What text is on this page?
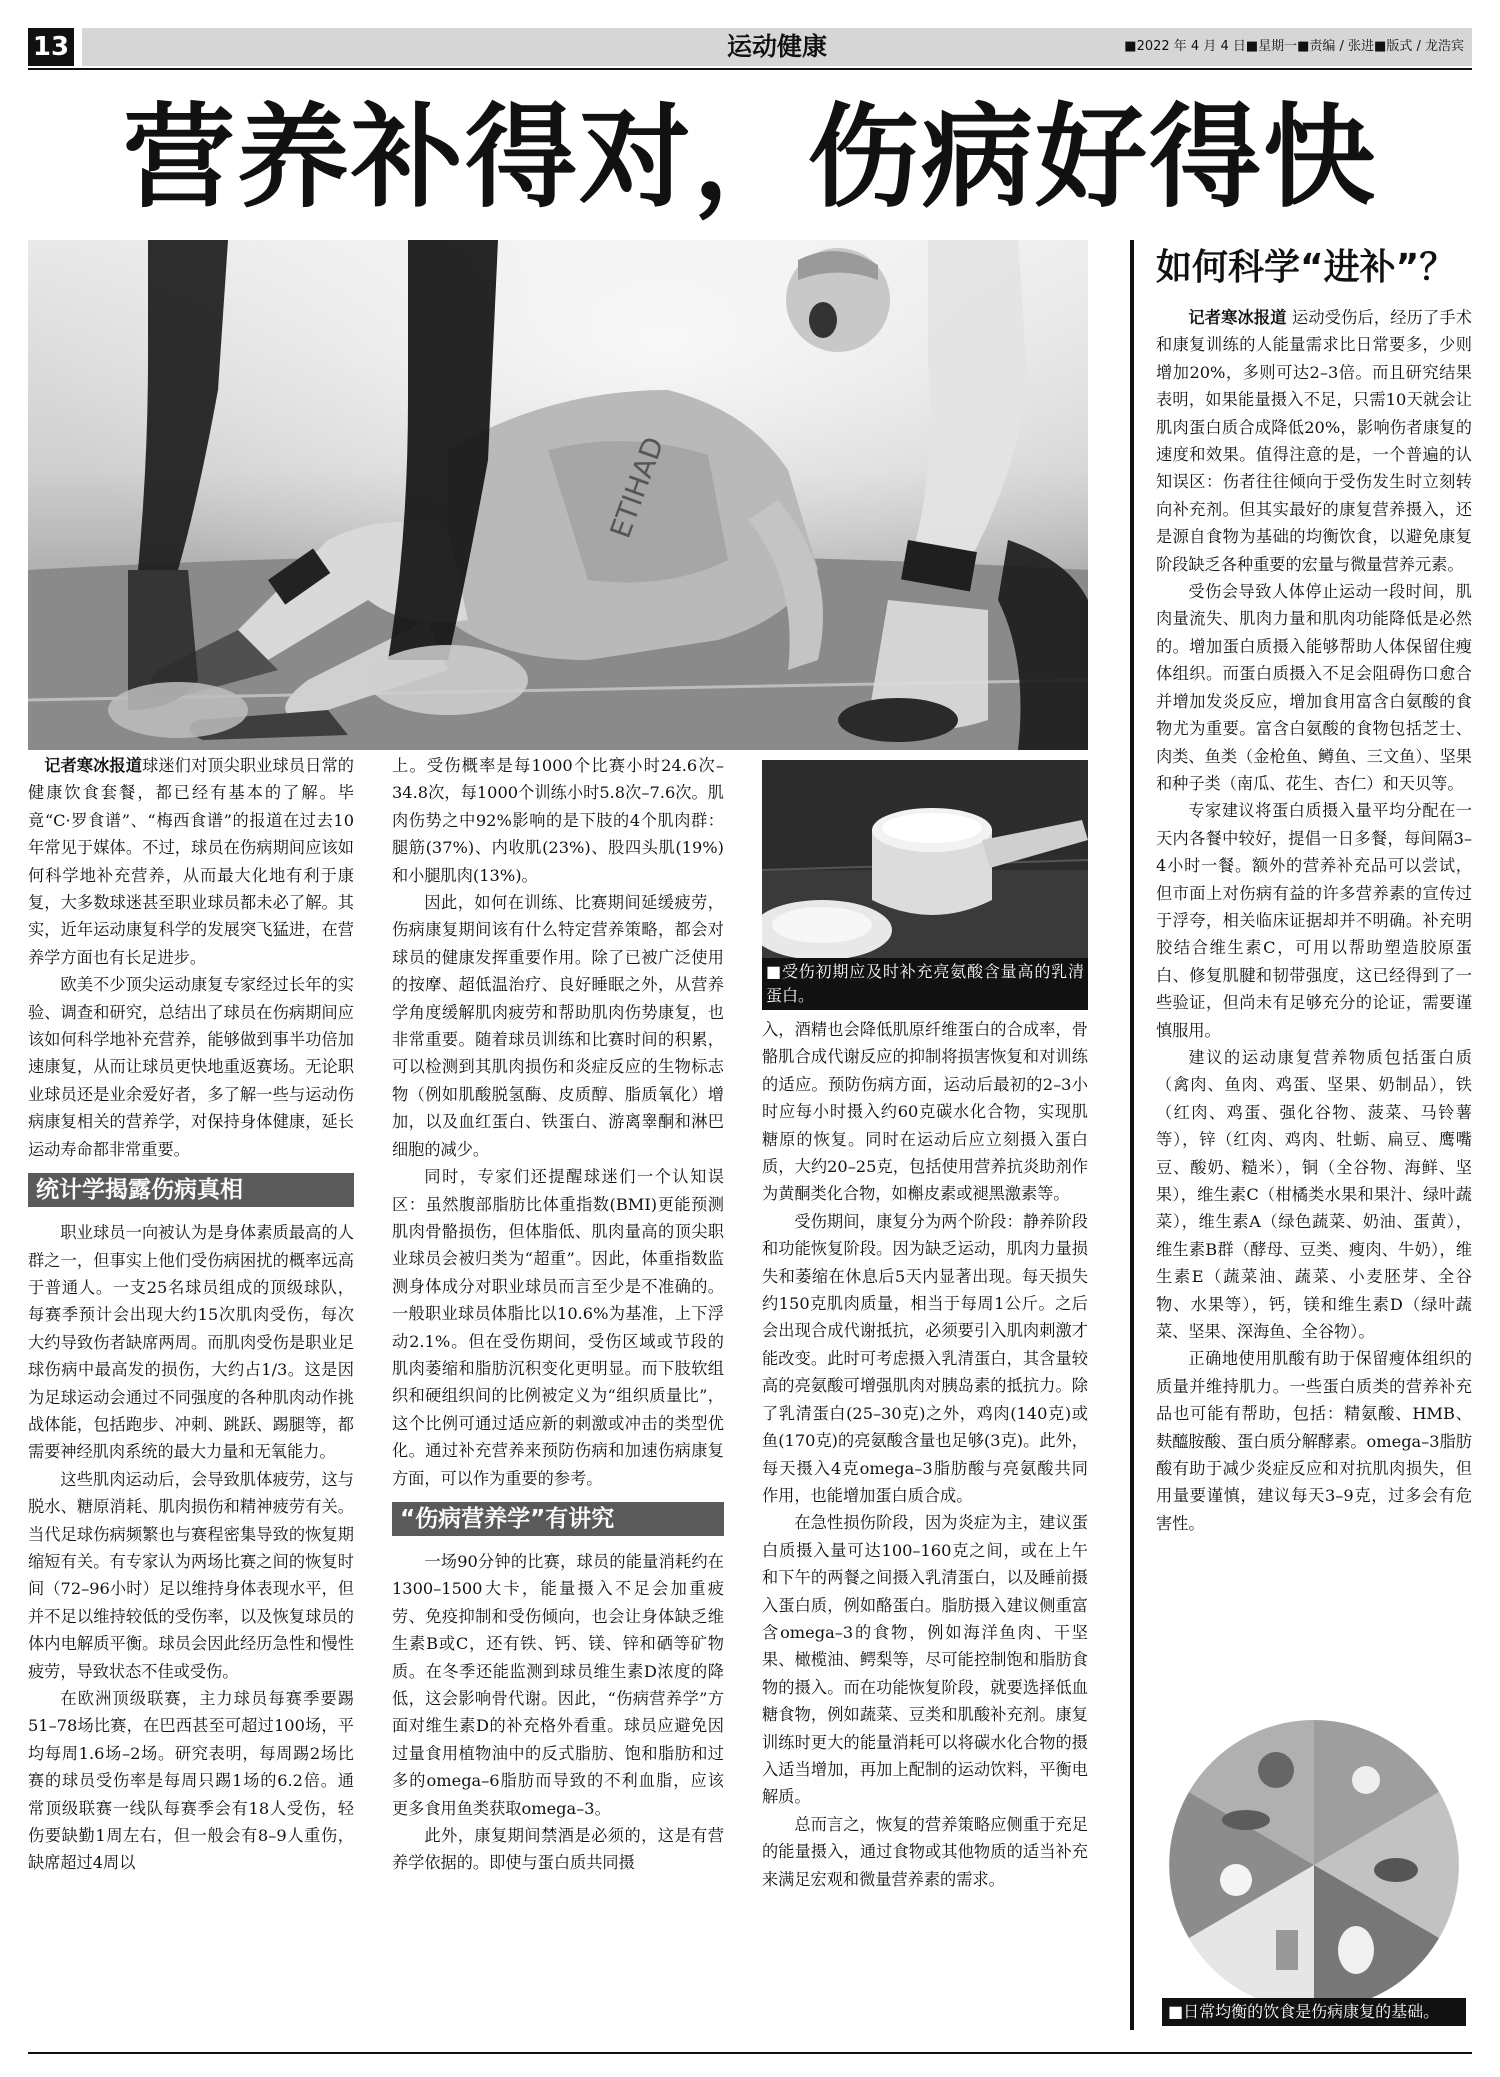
13	运动健康	■2022 年 4 月 4 日■星期一■责编 / 张进■版式 / 龙浩宾
营养补得对，伤病好得快
ETIHAD

记者寒冰报道球迷们对顶尖职业球员日常的健康饮食套餐，都已经有基本的了解。毕竟“C·罗食谱”、“梅西食谱”的报道在过去10年常见于媒体。不过，球员在伤病期间应该如何科学地补充营养，从而最大化地有利于康复，大多数球迷甚至职业球员都未必了解。其实，近年运动康复科学的发展突飞猛进，在营养学方面也有长足进步。

欧美不少顶尖运动康复专家经过长年的实验、调查和研究，总结出了球员在伤病期间应该如何科学地补充营养，能够做到事半功倍加速康复，从而让球员更快地重返赛场。无论职业球员还是业余爱好者，多了解一些与运动伤病康复相关的营养学，对保持身体健康，延长运动寿命都非常重要。

统计学揭露伤病真相

职业球员一向被认为是身体素质最高的人群之一，但事实上他们受伤病困扰的概率远高于普通人。一支25名球员组成的顶级球队，每赛季预计会出现大约15次肌肉受伤，每次大约导致伤者缺席两周。而肌肉受伤是职业足球伤病中最高发的损伤，大约占1/3。这是因为足球运动会通过不同强度的各种肌肉动作挑战体能，包括跑步、冲刺、跳跃、踢腿等，都需要神经肌肉系统的最大力量和无氧能力。

这些肌肉运动后，会导致肌体疲劳，这与脱水、糖原消耗、肌肉损伤和精神疲劳有关。当代足球伤病频繁也与赛程密集导致的恢复期缩短有关。有专家认为两场比赛之间的恢复时间（72–96小时）足以维持身体表现水平，但并不足以维持较低的受伤率，以及恢复球员的体内电解质平衡。球员会因此经历急性和慢性疲劳，导致状态不佳或受伤。

在欧洲顶级联赛，主力球员每赛季要踢51–78场比赛，在巴西甚至可超过100场，平均每周1.6场–2场。研究表明，每周踢2场比赛的球员受伤率是每周只踢1场的6.2倍。通常顶级联赛一线队每赛季会有18人受伤，轻伤要缺勤1周左右，但一般会有8–9人重伤，缺席超过4周以

上。受伤概率是每1000个比赛小时24.6次–34.8次，每1000个训练小时5.8次–7.6次。肌肉伤势之中92%影响的是下肢的4个肌肉群：腿筋(37%)、内收肌(23%)、股四头肌(19%)和小腿肌肉(13%)。

因此，如何在训练、比赛期间延缓疲劳，伤病康复期间该有什么特定营养策略，都会对球员的健康发挥重要作用。除了已被广泛使用的按摩、超低温治疗、良好睡眠之外，从营养学角度缓解肌肉疲劳和帮助肌肉伤势康复，也非常重要。随着球员训练和比赛时间的积累，可以检测到其肌肉损伤和炎症反应的生物标志物（例如肌酸脱氢酶、皮质醇、脂质氧化）增加，以及血红蛋白、铁蛋白、游离睾酮和淋巴细胞的减少。

同时，专家们还提醒球迷们一个认知误区：虽然腹部脂肪比体重指数(BMI)更能预测肌肉骨骼损伤，但体脂低、肌肉量高的顶尖职业球员会被归类为“超重”。因此，体重指数监测身体成分对职业球员而言至少是不准确的。一般职业球员体脂比以10.6%为基准，上下浮动2.1%。但在受伤期间，受伤区域或节段的肌肉萎缩和脂肪沉积变化更明显。而下肢软组织和硬组织间的比例被定义为“组织质量比”，这个比例可通过适应新的刺激或冲击的类型优化。通过补充营养来预防伤病和加速伤病康复方面，可以作为重要的参考。

“伤病营养学”有讲究

一场90分钟的比赛，球员的能量消耗约在1300–1500大卡，能量摄入不足会加重疲劳、免疫抑制和受伤倾向，也会让身体缺乏维生素B或C，还有铁、钙、镁、锌和硒等矿物质。在冬季还能监测到球员维生素D浓度的降低，这会影响骨代谢。因此，“伤病营养学”方面对维生素D的补充格外看重。球员应避免因过量食用植物油中的反式脂肪、饱和脂肪和过多的omega–6脂肪而导致的不利血脂，应该更多食用鱼类获取omega–3。

此外，康复期间禁酒是必须的，这是有营养学依据的。即使与蛋白质共同摄

■受伤初期应及时补充亮氨酸含量高的乳清蛋白。

入，酒精也会降低肌原纤维蛋白的合成率，骨骼肌合成代谢反应的抑制将损害恢复和对训练的适应。预防伤病方面，运动后最初的2–3小时应每小时摄入约60克碳水化合物，实现肌糖原的恢复。同时在运动后应立刻摄入蛋白质，大约20–25克，包括使用营养抗炎助剂作为黄酮类化合物，如槲皮素或褪黑激素等。

受伤期间，康复分为两个阶段：静养阶段和功能恢复阶段。因为缺乏运动，肌肉力量损失和萎缩在休息后5天内显著出现。每天损失约150克肌肉质量，相当于每周1公斤。之后会出现合成代谢抵抗，必须要引入肌肉刺激才能改变。此时可考虑摄入乳清蛋白，其含量较高的亮氨酸可增强肌肉对胰岛素的抵抗力。除了乳清蛋白(25–30克)之外，鸡肉(140克)或鱼(170克)的亮氨酸含量也足够(3克)。此外，每天摄入4克omega–3脂肪酸与亮氨酸共同作用，也能增加蛋白质合成。

在急性损伤阶段，因为炎症为主，建议蛋白质摄入量可达100–160克之间，或在上午和下午的两餐之间摄入乳清蛋白，以及睡前摄入蛋白质，例如酪蛋白。脂肪摄入建议侧重富含omega–3的食物，例如海洋鱼肉、干坚果、橄榄油、鳄梨等，尽可能控制饱和脂肪食物的摄入。而在功能恢复阶段，就要选择低血糖食物，例如蔬菜、豆类和肌酸补充剂。康复训练时更大的能量消耗可以将碳水化合物的摄入适当增加，再加上配制的运动饮料，平衡电解质。

总而言之，恢复的营养策略应侧重于充足的能量摄入，通过食物或其他物质的适当补充来满足宏观和微量营养素的需求。

如何科学“进补”？

记者寒冰报道 运动受伤后，经历了手术和康复训练的人能量需求比日常要多，少则增加20%，多则可达2–3倍。而且研究结果表明，如果能量摄入不足，只需10天就会让肌肉蛋白质合成降低20%，影响伤者康复的速度和效果。值得注意的是，一个普遍的认知误区：伤者往往倾向于受伤发生时立刻转向补充剂。但其实最好的康复营养摄入，还是源自食物为基础的均衡饮食，以避免康复阶段缺乏各种重要的宏量与微量营养元素。

受伤会导致人体停止运动一段时间，肌肉量流失、肌肉力量和肌肉功能降低是必然的。增加蛋白质摄入能够帮助人体保留住瘦体组织。而蛋白质摄入不足会阻碍伤口愈合并增加发炎反应，增加食用富含白氨酸的食物尤为重要。富含白氨酸的食物包括芝士、肉类、鱼类（金枪鱼、鳟鱼、三文鱼）、坚果和种子类（南瓜、花生、杏仁）和天贝等。

专家建议将蛋白质摄入量平均分配在一天内各餐中较好，提倡一日多餐，每间隔3–4小时一餐。额外的营养补充品可以尝试，但市面上对伤病有益的许多营养素的宣传过于浮夸，相关临床证据却并不明确。补充明胶结合维生素C，可用以帮助塑造胶原蛋白、修复肌腱和韧带强度，这已经得到了一些验证，但尚未有足够充分的论证，需要谨慎服用。

建议的运动康复营养物质包括蛋白质（禽肉、鱼肉、鸡蛋、坚果、奶制品），铁（红肉、鸡蛋、强化谷物、菠菜、马铃薯等），锌（红肉、鸡肉、牡蛎、扁豆、鹰嘴豆、酸奶、糙米），铜（全谷物、海鲜、坚果），维生素C（柑橘类水果和果汁、绿叶蔬菜），维生素A（绿色蔬菜、奶油、蛋黄），维生素B群（酵母、豆类、瘦肉、牛奶），维生素E（蔬菜油、蔬菜、小麦胚芽、全谷物、水果等），钙，镁和维生素D（绿叶蔬菜、坚果、深海鱼、全谷物）。

正确地使用肌酸有助于保留瘦体组织的质量并维持肌力。一些蛋白质类的营养补充品也可能有帮助，包括：精氨酸、HMB、麸醯胺酸、蛋白质分解酵素。omega–3脂肪酸有助于减少炎症反应和对抗肌肉损失，但用量要谨慎，建议每天3–9克，过多会有危害性。

■日常均衡的饮食是伤病康复的基础。
